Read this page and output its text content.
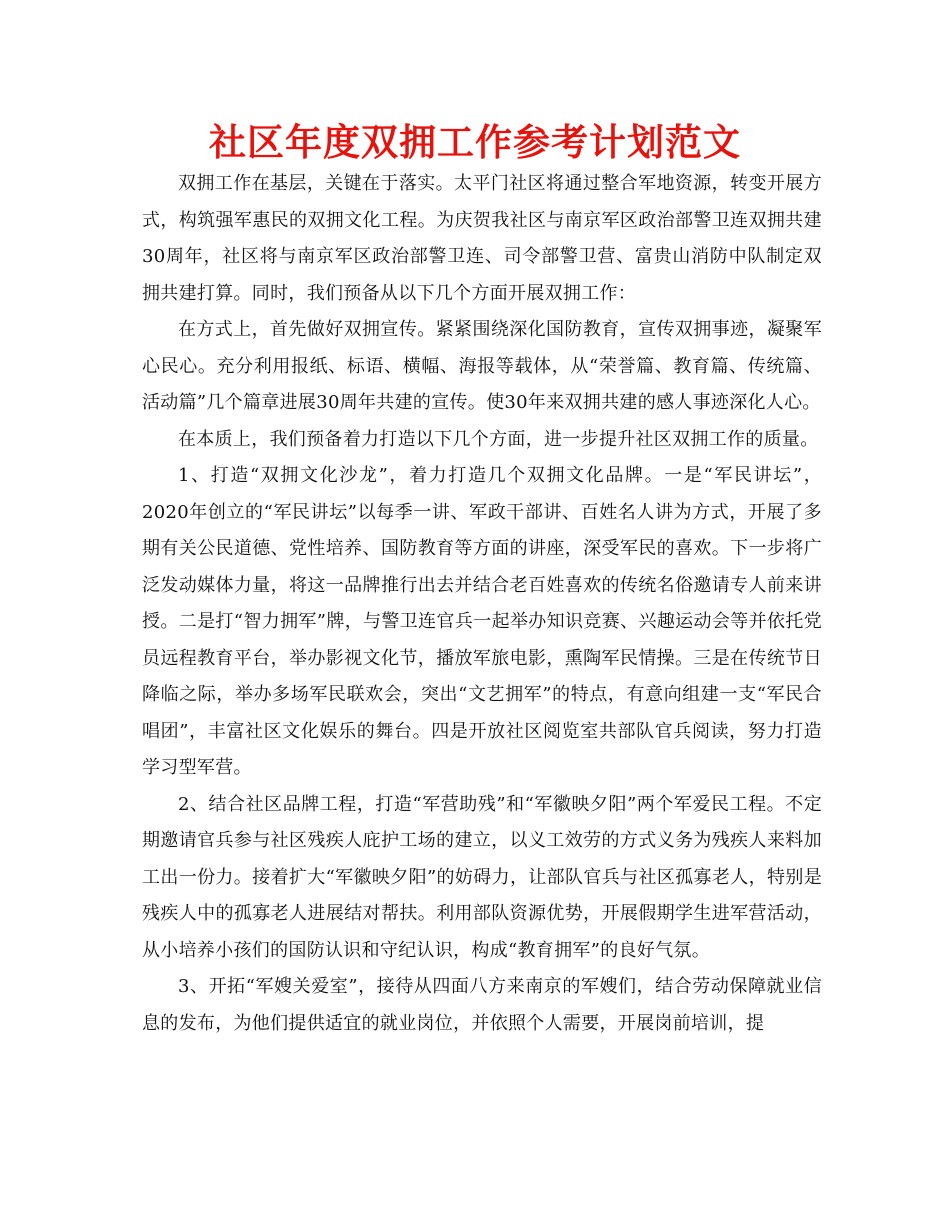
社区年度双拥工作参考计划范文

双拥工作在基层，关键在于落实。太平门社区将通过整合军地资源，转变开展方式，构筑强军惠民的双拥文化工程。为庆贺我社区与南京军区政治部警卫连双拥共建30周年，社区将与南京军区政治部警卫连、司令部警卫营、富贵山消防中队制定双拥共建打算。同时，我们预备从以下几个方面开展双拥工作：

在方式上，首先做好双拥宣传。紧紧围绕深化国防教育，宣传双拥事迹，凝聚军心民心。充分利用报纸、标语、横幅、海报等载体，从“荣誉篇、教育篇、传统篇、活动篇”几个篇章进展30周年共建的宣传。使30年来双拥共建的感人事迹深化人心。

在本质上，我们预备着力打造以下几个方面，进一步提升社区双拥工作的质量。

1、打造“双拥文化沙龙”，着力打造几个双拥文化品牌。一是“军民讲坛”，2020年创立的“军民讲坛”以每季一讲、军政干部讲、百姓名人讲为方式，开展了多期有关公民道德、党性培养、国防教育等方面的讲座，深受军民的喜欢。下一步将广泛发动媒体力量，将这一品牌推行出去并结合老百姓喜欢的传统名俗邀请专人前来讲授。二是打“智力拥军”牌，与警卫连官兵一起举办知识竞赛、兴趣运动会等并依托党员远程教育平台，举办影视文化节，播放军旅电影，熏陶军民情操。三是在传统节日降临之际，举办多场军民联欢会，突出“文艺拥军”的特点，有意向组建一支“军民合唱团”，丰富社区文化娱乐的舞台。四是开放社区阅览室共部队官兵阅读，努力打造学习型军营。

2、结合社区品牌工程，打造“军营助残”和“军徽映夕阳”两个军爱民工程。不定期邀请官兵参与社区残疾人庇护工场的建立，以义工效劳的方式义务为残疾人来料加工出一份力。接着扩大“军徽映夕阳”的妨碍力，让部队官兵与社区孤寡老人，特别是残疾人中的孤寡老人进展结对帮扶。利用部队资源优势，开展假期学生进军营活动，从小培养小孩们的国防认识和守纪认识，构成“教育拥军”的良好气氛。

3、开拓“军嫂关爱室”，接待从四面八方来南京的军嫂们，结合劳动保障就业信息的发布，为他们提供适宜的就业岗位，并依照个人需要，开展岗前培训，提
